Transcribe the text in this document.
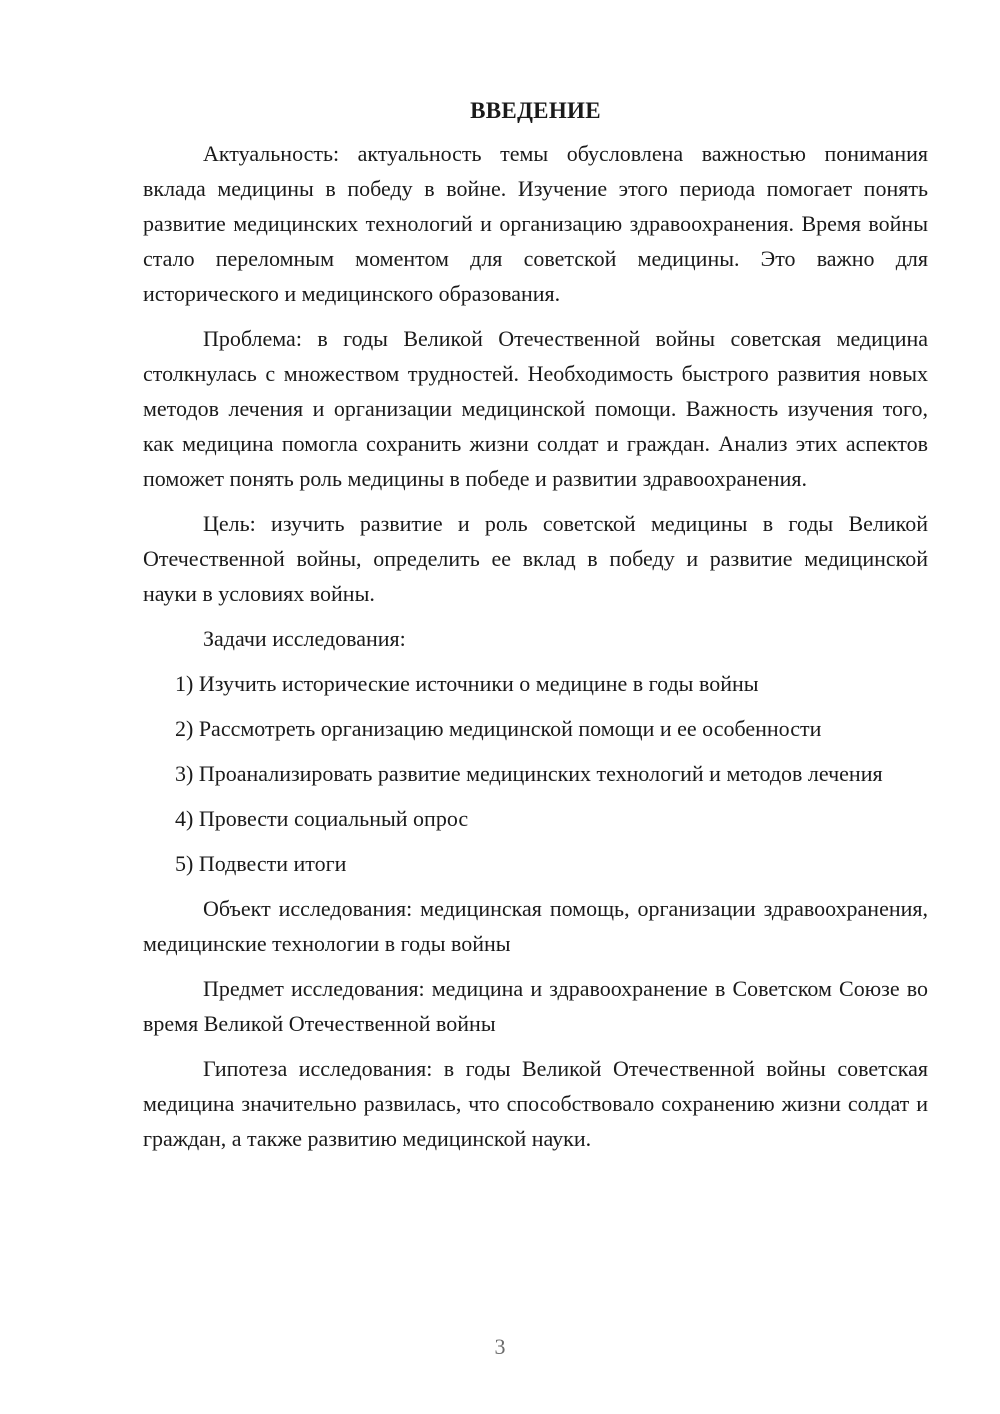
ВВЕДЕНИЕ

Актуальность: актуальность темы обусловлена важностью понимания вклада медицины в победу в войне. Изучение этого периода помогает понять развитие медицинских технологий и организацию здравоохранения. Время войны стало переломным моментом для советской медицины. Это важно для исторического и медицинского образования.

Проблема: в годы Великой Отечественной войны советская медицина столкнулась с множеством трудностей. Необходимость быстрого развития новых методов лечения и организации медицинской помощи. Важность изучения того, как медицина помогла сохранить жизни солдат и граждан. Анализ этих аспектов поможет понять роль медицины в победе и развитии здравоохранения.

Цель: изучить развитие и роль советской медицины в годы Великой Отечественной войны, определить ее вклад в победу и развитие медицинской науки в условиях войны.

Задачи исследования:

1) Изучить исторические источники о медицине в годы войны

2) Рассмотреть организацию медицинской помощи и ее особенности

3) Проанализировать развитие медицинских технологий и методов лечения

4) Провести социальный опрос

5) Подвести итоги

Объект исследования: медицинская помощь, организации здравоохранения, медицинские технологии в годы войны

Предмет исследования: медицина и здравоохранение в Советском Союзе во время Великой Отечественной войны

Гипотеза исследования: в годы Великой Отечественной войны советская медицина значительно развилась, что способствовало сохранению жизни солдат и граждан, а также развитию медицинской науки.

3
